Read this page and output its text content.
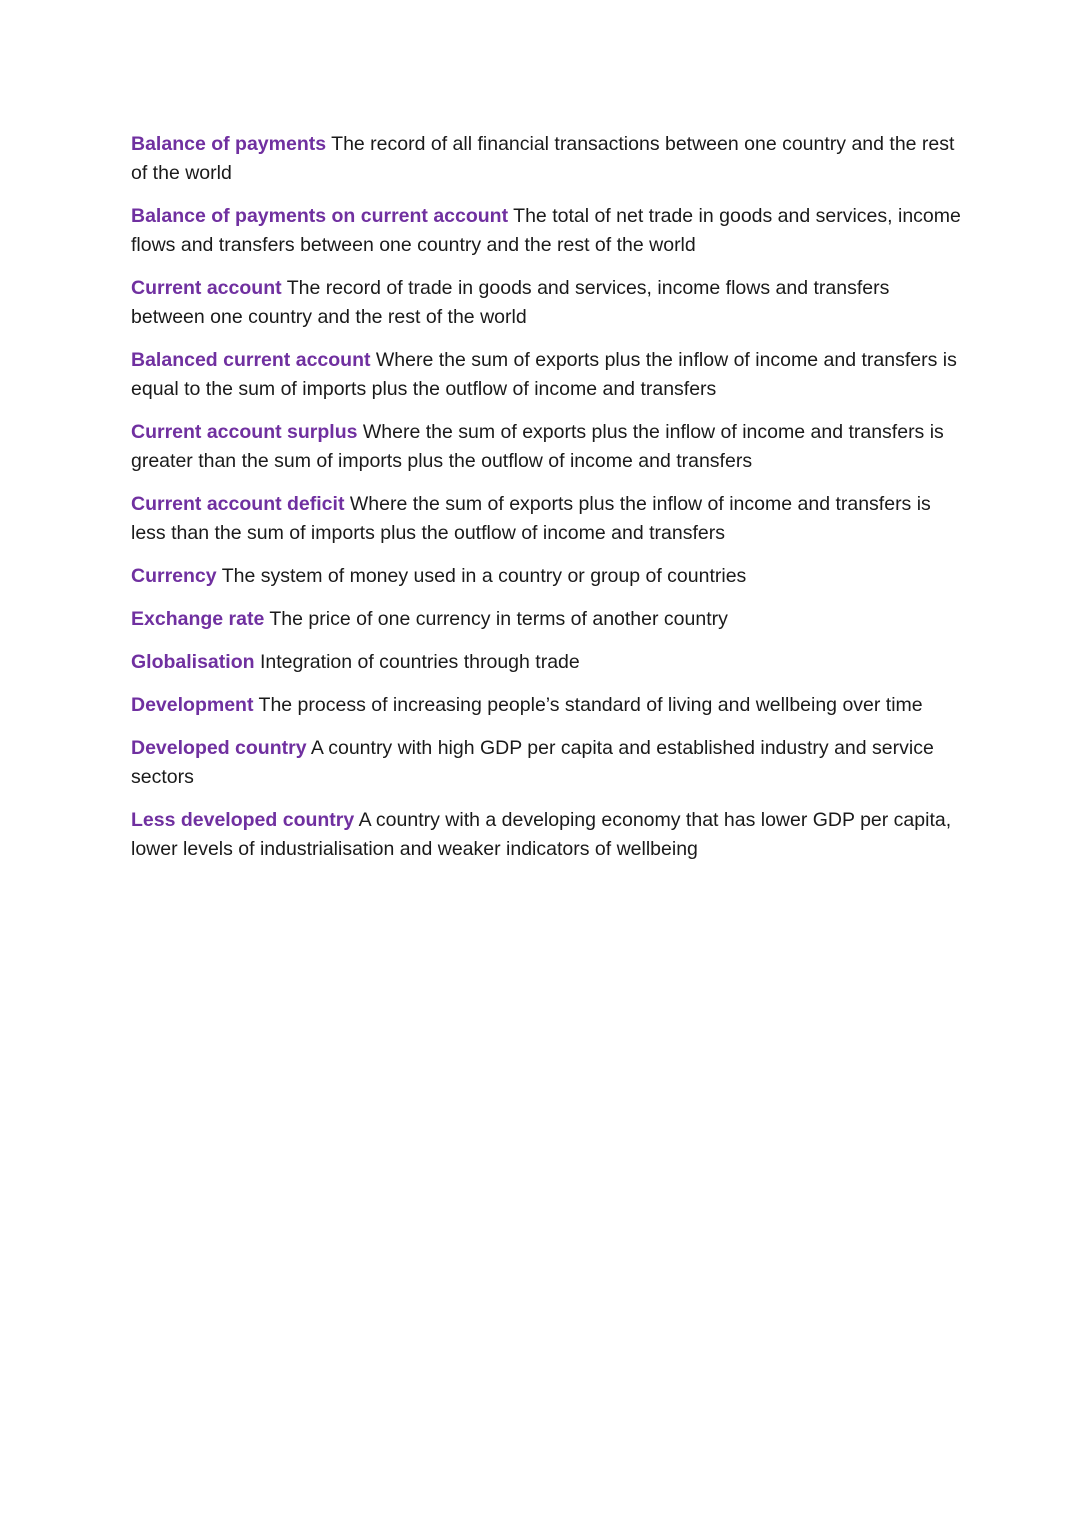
Balance of payments The record of all financial transactions between one country and the rest of the world
Balance of payments on current account The total of net trade in goods and services, income flows and transfers between one country and the rest of the world
Current account The record of trade in goods and services, income flows and transfers between one country and the rest of the world
Balanced current account Where the sum of exports plus the inflow of income and transfers is equal to the sum of imports plus the outflow of income and transfers
Current account surplus Where the sum of exports plus the inflow of income and transfers is greater than the sum of imports plus the outflow of income and transfers
Current account deficit Where the sum of exports plus the inflow of income and transfers is less than the sum of imports plus the outflow of income and transfers
Currency The system of money used in a country or group of countries
Exchange rate The price of one currency in terms of another country
Globalisation Integration of countries through trade
Development The process of increasing people’s standard of living and wellbeing over time
Developed country A country with high GDP per capita and established industry and service sectors
Less developed country A country with a developing economy that has lower GDP per capita, lower levels of industrialisation and weaker indicators of wellbeing
